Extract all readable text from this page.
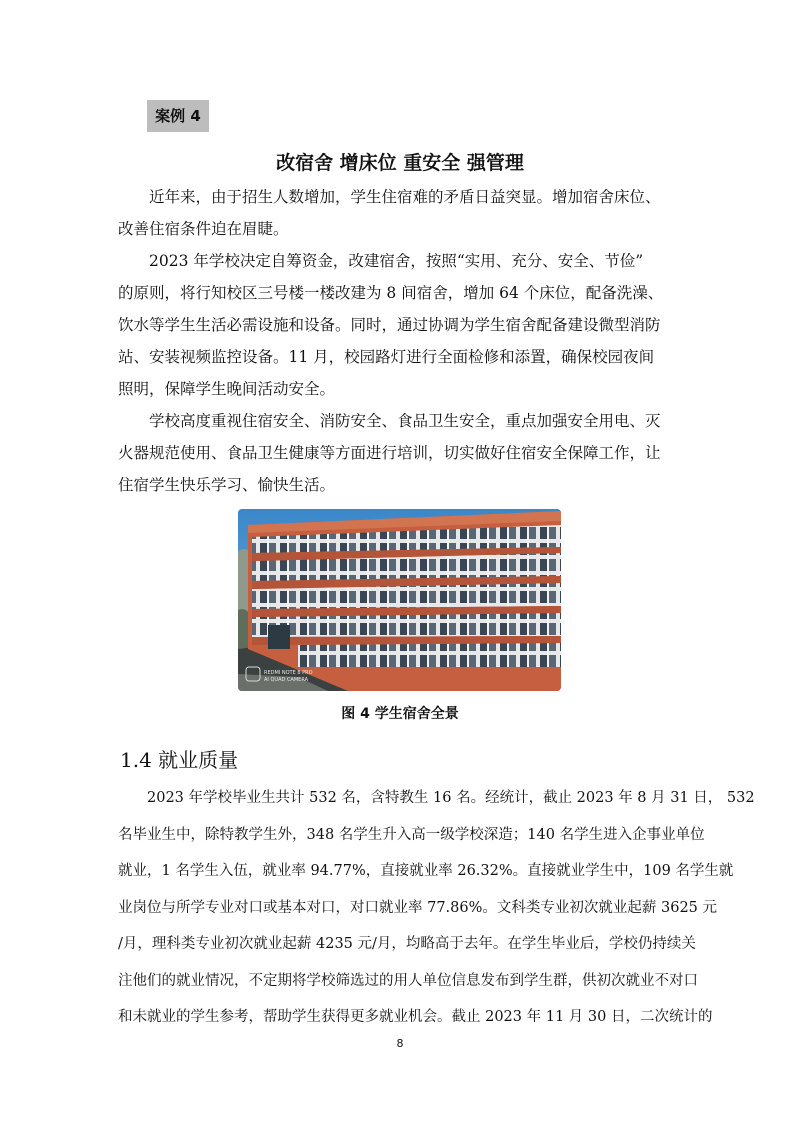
案例 4
改宿舍 增床位 重安全 强管理
　　近年来，由于招生人数增加，学生住宿难的矛盾日益突显。增加宿舍床位、
改善住宿条件迫在眉睫。
　　2023 年学校决定自筹资金，改建宿舍，按照“实用、充分、安全、节俭”
的原则，将行知校区三号楼一楼改建为 8 间宿舍，增加 64 个床位，配备洗澡、
饮水等学生生活必需设施和设备。同时，通过协调为学生宿舍配备建设微型消防
站、安装视频监控设备。11 月，校园路灯进行全面检修和添置，确保校园夜间
照明，保障学生晚间活动安全。
　　学校高度重视住宿安全、消防安全、食品卫生安全，重点加强安全用电、灭
火器规范使用、食品卫生健康等方面进行培训，切实做好住宿安全保障工作，让
住宿学生快乐学习、愉快生活。
REDMI NOTE 8 PRO
AI QUAD CAMERA
图 4 学生宿舍全景
1.4 就业质量
　　2023 年学校毕业生共计 532 名，含特教生 16 名。经统计，截止 2023 年 8 月 31 日， 532
名毕业生中，除特教学生外，348 名学生升入高一级学校深造；140 名学生进入企事业单位
就业，1 名学生入伍，就业率 94.77%，直接就业率 26.32%。直接就业学生中，109 名学生就
业岗位与所学专业对口或基本对口，对口就业率 77.86%。文科类专业初次就业起薪 3625 元
/月，理科类专业初次就业起薪 4235 元/月，均略高于去年。在学生毕业后，学校仍持续关
注他们的就业情况，不定期将学校筛选过的用人单位信息发布到学生群，供初次就业不对口
和未就业的学生参考，帮助学生获得更多就业机会。截止 2023 年 11 月 30 日，二次统计的
8
